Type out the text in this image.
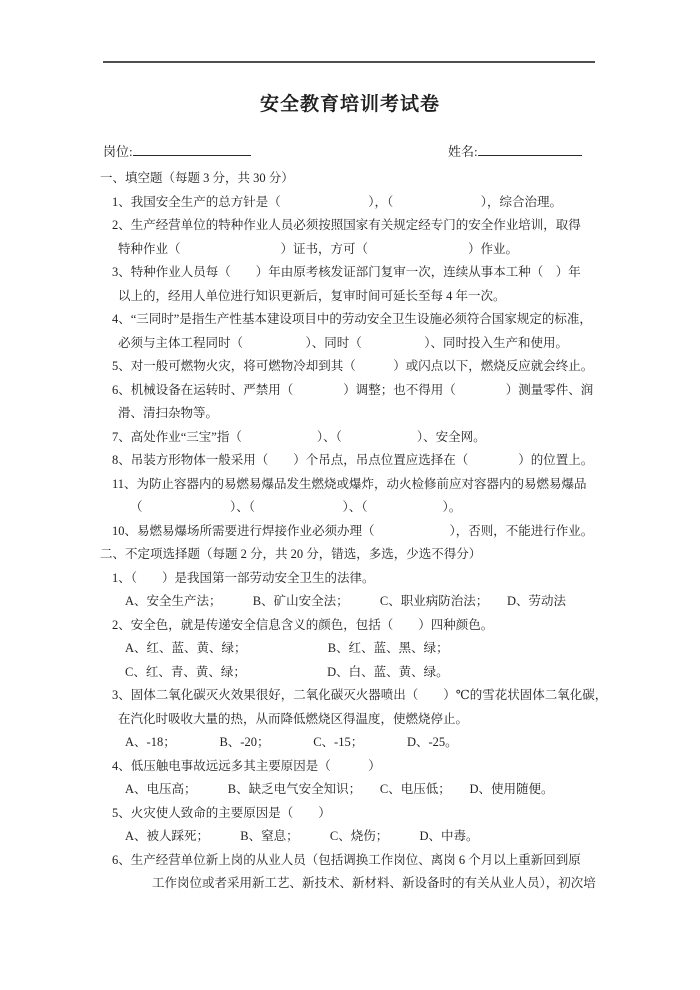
安全教育培训考试卷
岗位:	姓名:
一、填空题（每题 3 分，共 30 分）
1、我国安全生产的总方针是（　　　　　　　），（　　　　　　　），综合治理。
2、生产经营单位的特种作业人员必须按照国家有关规定经专门的安全作业培训，取得
特种作业（　　　　　　　　）证书，方可（　　　　　　　　）作业。
3、特种作业人员每（　　）年由原考核发证部门复审一次，连续从事本工种（　）年
以上的，经用人单位进行知识更新后，复审时间可延长至每 4 年一次。
4、“三同时”是指生产性基本建设项目中的劳动安全卫生设施必须符合国家规定的标准，
必须与主体工程同时（　　　　　）、同时（　　　　　）、同时投入生产和使用。
5、对一般可燃物火灾，将可燃物冷却到其（　　　）或闪点以下，燃烧反应就会终止。
6、机械设备在运转时、严禁用（　　　　）调整；也不得用（　　　　）测量零件、润
滑、清扫杂物等。
7、高处作业“三宝”指（　　　　　　）、（　　　　　　）、安全网。
8、吊装方形物体一般采用（　　）个吊点，吊点位置应选择在（　　　　）的位置上。
11、为防止容器内的易燃易爆品发生燃烧或爆炸，动火检修前应对容器内的易燃易爆品
（　　　　　　　）、（　　　　　　　）、（　　　　　　）。
10、易燃易爆场所需要进行焊接作业必须办理（　　　　　　），否则，不能进行作业。
二、不定项选择题（每题 2 分，共 20 分，错选，多选，少选不得分）
1、（　　）是我国第一部劳动安全卫生的法律。
A、安全生产法；　　　B、矿山安全法；　　　C、职业病防治法；　　D、劳动法
2、安全色，就是传递安全信息含义的颜色，包括（　　）四种颜色。
A、红、蓝、黄、绿；　　　　　　　B、红、蓝、黑、绿；
C、红、青、黄、绿；　　　　　　　D、白、蓝、黄、绿。
3、固体二氧化碳灭火效果很好，二氧化碳灭火器喷出（　　）℃的雪花状固体二氧化碳，
在汽化时吸收大量的热，从而降低燃烧区得温度，使燃烧停止。
A、-18；　　　　B、-20；　　　　C、-15；　　　　D、-25。
4、低压触电事故远远多其主要原因是（　　　）
A、电压高；　　　B、缺乏电气安全知识；　　C、电压低；　　D、使用随便。
5、火灾使人致命的主要原因是（　　）
A、被人踩死；　　　B、窒息；　　　C、烧伤；　　　D、中毒。
6、生产经营单位新上岗的从业人员（包括调换工作岗位、离岗 6 个月以上重新回到原
工作岗位或者采用新工艺、新技术、新材料、新设备时的有关从业人员），初次培
